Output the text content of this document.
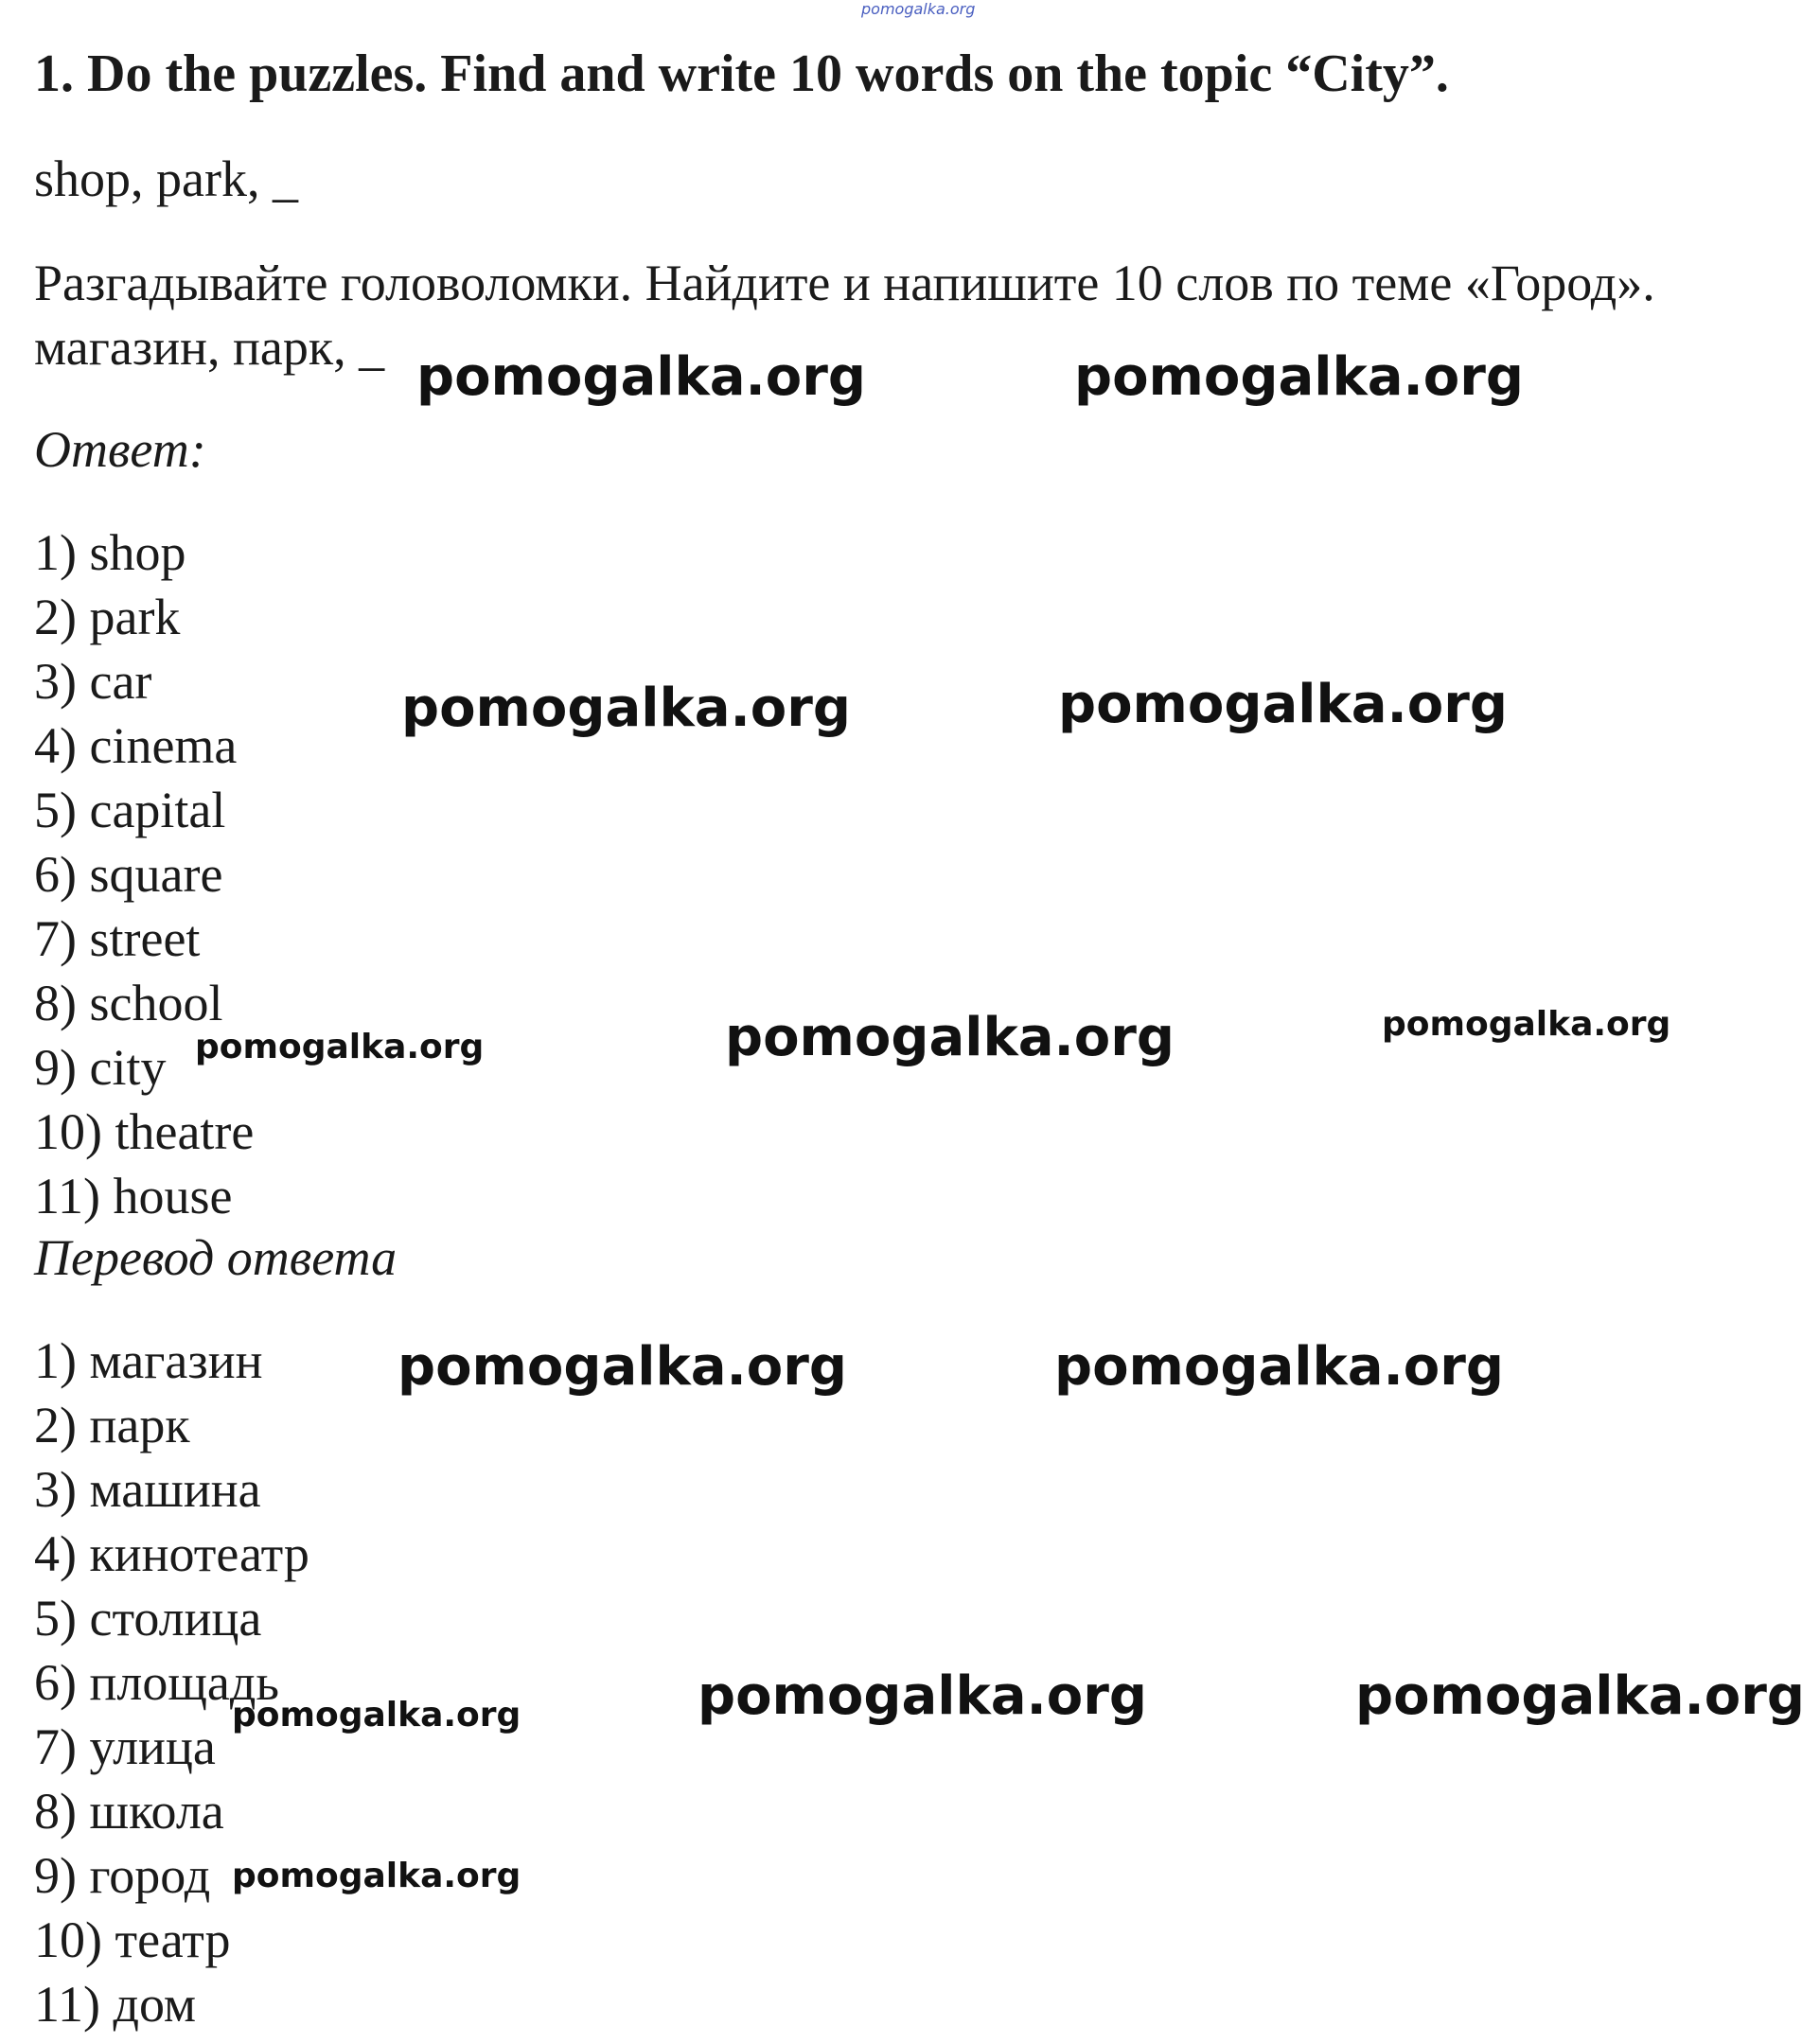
pomogalka.org
1. Do the puzzles. Find and write 10 words on the topic “City”.
shop, park, _
Разгадывайте головоломки. Найдите и напишите 10 слов по теме «Город».
магазин, парк, _
Ответ:
1) shop
2) park
3) car
4) cinema
5) capital
6) square
7) street
8) school
9) city
10) theatre
11) house
Перевод ответа
1) магазин
2) парк
3) машина
4) кинотеатр
5) столица
6) площадь
7) улица
8) школа
9) город
10) театр
11) дом
pomogalka.org	pomogalka.org
pomogalka.org	pomogalka.org
pomogalka.org	pomogalka.org	pomogalka.org
pomogalka.org	pomogalka.org
pomogalka.org	pomogalka.org	pomogalka.org
pomogalka.org
